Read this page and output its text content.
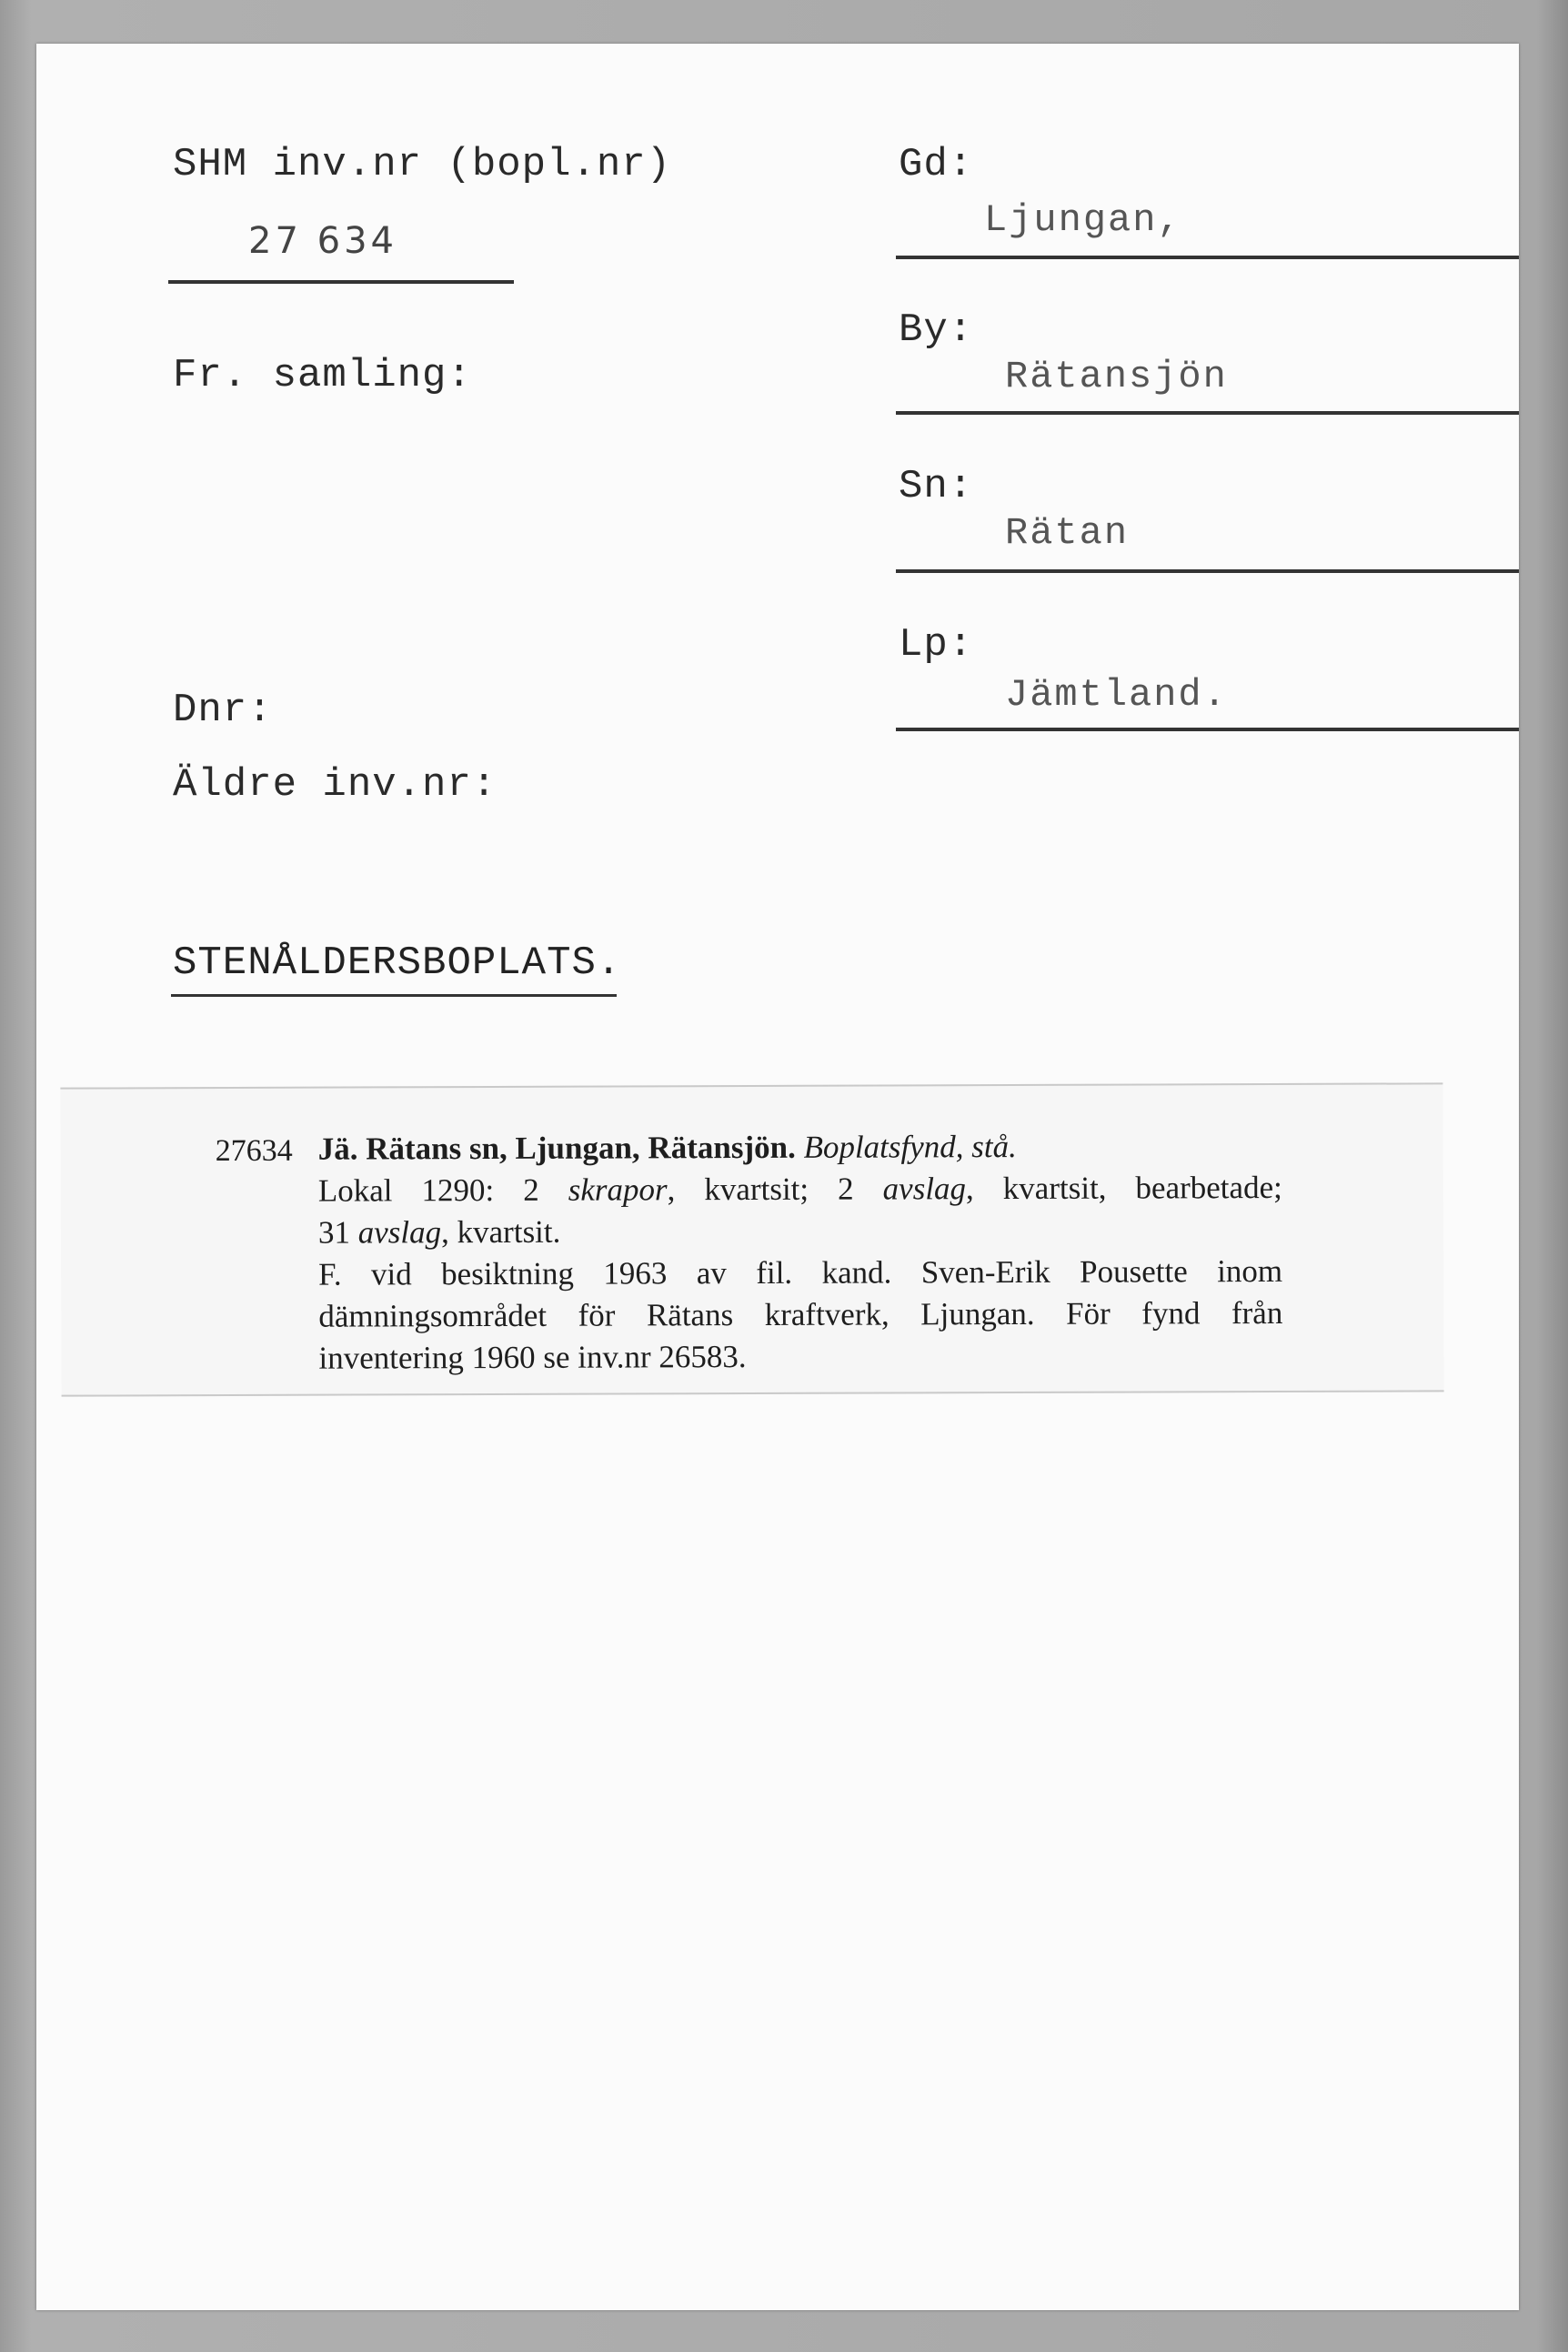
SHM inv.nr (bopl.nr)
27 634
Fr. samling:
Dnr:
Äldre inv.nr:
Gd:
Ljungan,
By:
Rätansjön
Sn:
Rätan
Lp:
Jämtland.
STENÅLDERSBOPLATS.
27634 Jä. Rätans sn, Ljungan, Rätansjön. Boplatsfynd, stå.
Lokal 1290: 2 skrapor, kvartsit; 2 avslag, kvartsit, bearbetade;
31 avslag, kvartsit.
F. vid besiktning 1963 av fil. kand. Sven-Erik Pousette inom
dämningsområdet för Rätans kraftverk, Ljungan. För fynd från
inventering 1960 se inv.nr 26583.
